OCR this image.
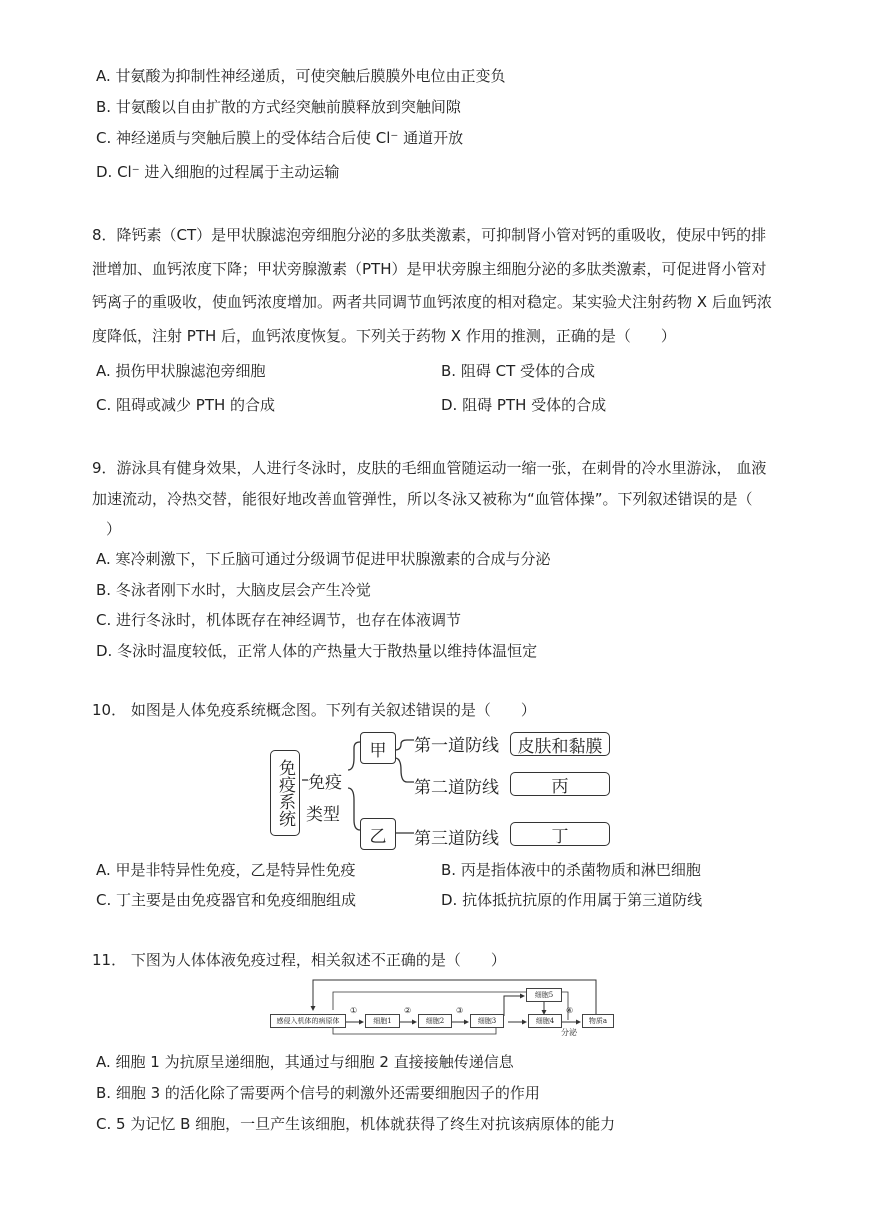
A. 甘氨酸为抑制性神经递质，可使突触后膜膜外电位由正变负
B. 甘氨酸以自由扩散的方式经突触前膜释放到突触间隙
C. 神经递质与突触后膜上的受体结合后使 Cl⁻ 通道开放
D. Cl⁻ 进入细胞的过程属于主动运输
8．降钙素（CT）是甲状腺滤泡旁细胞分泌的多肽类激素，可抑制肾小管对钙的重吸收，使尿中钙的排
泄增加、血钙浓度下降；甲状旁腺激素（PTH）是甲状旁腺主细胞分泌的多肽类激素，可促进肾小管对
钙离子的重吸收，使血钙浓度增加。两者共同调节血钙浓度的相对稳定。某实验犬注射药物 X 后血钙浓
度降低，注射 PTH 后，血钙浓度恢复。下列关于药物 X 作用的推测，正确的是（　　）
A. 损伤甲状腺滤泡旁细胞	B. 阻碍 CT 受体的合成
C. 阻碍或减少 PTH 的合成	D. 阻碍 PTH 受体的合成
9．游泳具有健身效果，人进行冬泳时，皮肤的毛细血管随运动一缩一张，在刺骨的冷水里游泳， 血液
加速流动，冷热交替，能很好地改善血管弹性，所以冬泳又被称为“血管体操”。下列叙述错误的是（
）
A. 寒冷刺激下，下丘脑可通过分级调节促进甲状腺激素的合成与分泌
B. 冬泳者刚下水时，大脑皮层会产生冷觉
C. 进行冬泳时，机体既存在神经调节，也存在体液调节
D. 冬泳时温度较低，正常人体的产热量大于散热量以维持体温恒定
10． 如图是人体免疫系统概念图。下列有关叙述错误的是（　　）
免疫系统 免疫
类型
甲
乙
第一道防线
第二道防线
第三道防线
皮肤和黏膜
丙
丁
A. 甲是非特异性免疫，乙是特异性免疫	B. 丙是指体液中的杀菌物质和淋巴细胞
C. 丁主要是由免疫器官和免疫细胞组成	D. 抗体抵抗抗原的作用属于第三道防线
11． 下图为人体体液免疫过程，相关叙述不正确的是（　　）
感侵入机体的病原体	细胞1	细胞2	细胞3
细胞5
细胞4	物质a
①	②	③	④
分泌
A. 细胞 1 为抗原呈递细胞，其通过与细胞 2 直接接触传递信息
B. 细胞 3 的活化除了需要两个信号的刺激外还需要细胞因子的作用
C. 5 为记忆 B 细胞，一旦产生该细胞，机体就获得了终生对抗该病原体的能力
